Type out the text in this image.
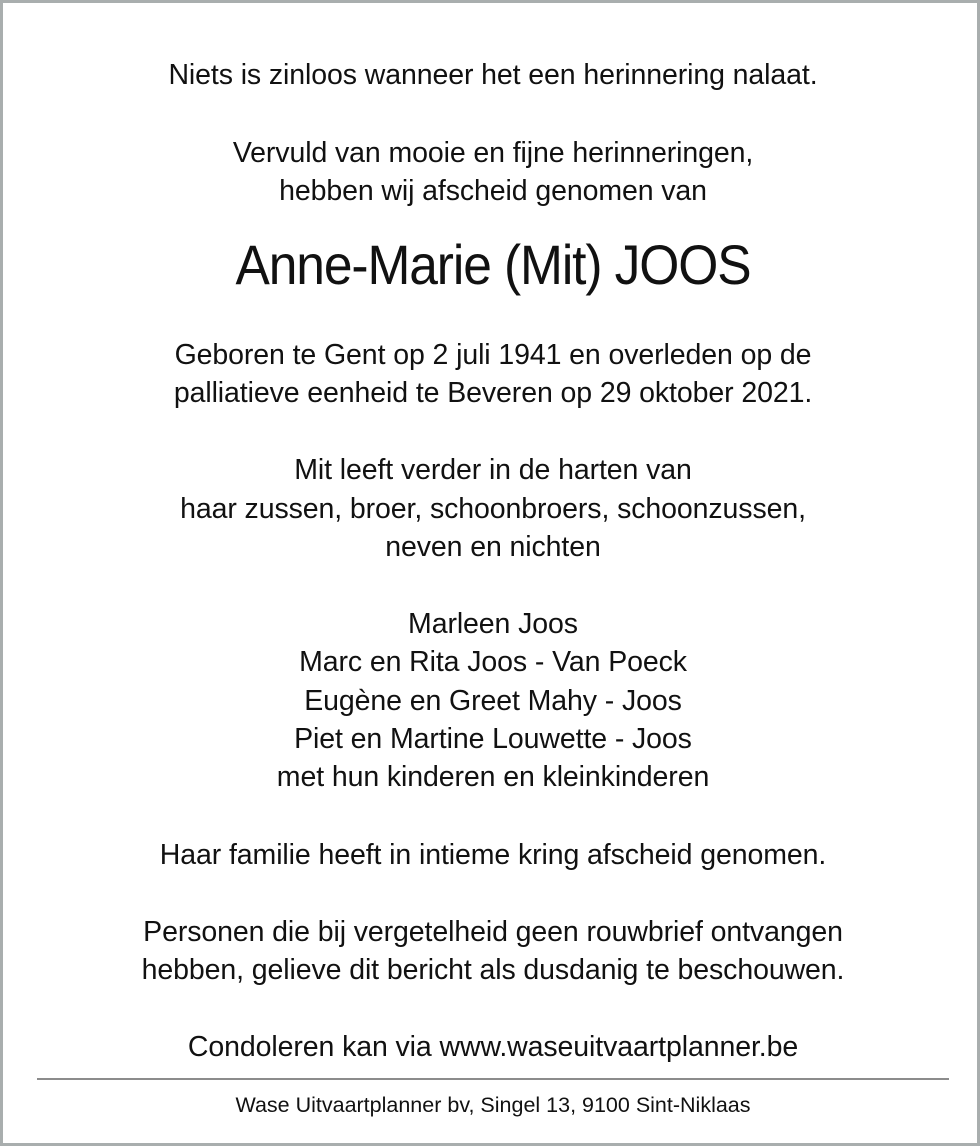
Niets is zinloos wanneer het een herinnering nalaat.
Vervuld van mooie en fijne herinneringen,
hebben wij afscheid genomen van
Anne-Marie (Mit) JOOS
Geboren te Gent op 2 juli 1941 en overleden op de
palliatieve eenheid te Beveren op 29 oktober 2021.
Mit leeft verder in de harten van
haar zussen, broer, schoonbroers, schoonzussen,
neven en nichten
Marleen Joos
Marc en Rita Joos - Van Poeck
Eugène en Greet Mahy - Joos
Piet en Martine Louwette - Joos
met hun kinderen en kleinkinderen
Haar familie heeft in intieme kring afscheid genomen.
Personen die bij vergetelheid geen rouwbrief ontvangen
hebben, gelieve dit bericht als dusdanig te beschouwen.
Condoleren kan via www.waseuitvaartplanner.be
Wase Uitvaartplanner bv, Singel 13, 9100 Sint-Niklaas
